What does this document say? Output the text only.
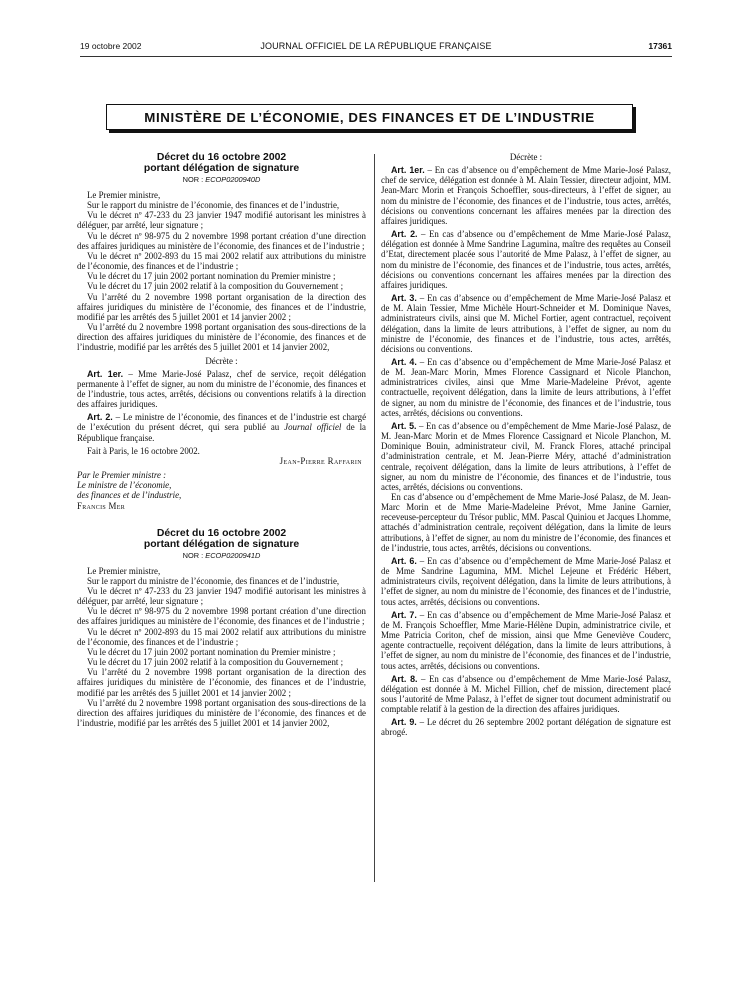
19 octobre 2002	JOURNAL OFFICIEL DE LA RÉPUBLIQUE FRANÇAISE	17361
MINISTÈRE DE L’ÉCONOMIE, DES FINANCES ET DE L’INDUSTRIE
Décret du 16 octobre 2002
portant délégation de signature
NOR : ECOP0200940D

Le Premier ministre,

Sur le rapport du ministre de l’économie, des finances et de l’industrie,

Vu le décret nº 47-233 du 23 janvier 1947 modifié autorisant les ministres à déléguer, par arrêté, leur signature ;

Vu le décret nº 98-975 du 2 novembre 1998 portant création d’une direction des affaires juridiques au ministère de l’économie, des finances et de l’industrie ;

Vu le décret nº 2002-893 du 15 mai 2002 relatif aux attributions du ministre de l’économie, des finances et de l’industrie ;

Vu le décret du 17 juin 2002 portant nomination du Premier ministre ;

Vu le décret du 17 juin 2002 relatif à la composition du Gouvernement ;

Vu l’arrêté du 2 novembre 1998 portant organisation de la direction des affaires juridiques du ministère de l’économie, des finances et de l’industrie, modifié par les arrêtés des 5 juillet 2001 et 14 janvier 2002 ;

Vu l’arrêté du 2 novembre 1998 portant organisation des sous-directions de la direction des affaires juridiques du ministère de l’économie, des finances et de l’industrie, modifié par les arrêtés des 5 juillet 2001 et 14 janvier 2002,

Décrète :

Art. 1er. – Mme Marie-José Palasz, chef de service, reçoit délégation permanente à l’effet de signer, au nom du ministre de l’économie, des finances et de l’industrie, tous actes, arrêtés, décisions ou conventions relatifs à la direction des affaires juridiques.

Art. 2. – Le ministre de l’économie, des finances et de l’industrie est chargé de l’exécution du présent décret, qui sera publié au Journal officiel de la République française.

Fait à Paris, le 16 octobre 2002.

Jean-Pierre Raffarin

Par le Premier ministre :

Le ministre de l’économie,

des finances et de l’industrie,

Francis Mer

Décret du 16 octobre 2002
portant délégation de signature
NOR : ECOP0200941D

Le Premier ministre,

Sur le rapport du ministre de l’économie, des finances et de l’industrie,

Vu le décret nº 47-233 du 23 janvier 1947 modifié autorisant les ministres à déléguer, par arrêté, leur signature ;

Vu le décret nº 98-975 du 2 novembre 1998 portant création d’une direction des affaires juridiques au ministère de l’économie, des finances et de l’industrie ;

Vu le décret nº 2002-893 du 15 mai 2002 relatif aux attributions du ministre de l’économie, des finances et de l’industrie ;

Vu le décret du 17 juin 2002 portant nomination du Premier ministre ;

Vu le décret du 17 juin 2002 relatif à la composition du Gouvernement ;

Vu l’arrêté du 2 novembre 1998 portant organisation de la direction des affaires juridiques du ministère de l’économie, des finances et de l’industrie, modifié par les arrêtés des 5 juillet 2001 et 14 janvier 2002 ;

Vu l’arrêté du 2 novembre 1998 portant organisation des sous-directions de la direction des affaires juridiques du ministère de l’économie, des finances et de l’industrie, modifié par les arrêtés des 5 juillet 2001 et 14 janvier 2002,

Décrète :

Art. 1er. – En cas d’absence ou d’empêchement de Mme Marie-José Palasz, chef de service, délégation est donnée à M. Alain Tessier, directeur adjoint, MM. Jean-Marc Morin et François Schoeffler, sous-directeurs, à l’effet de signer, au nom du ministre de l’économie, des finances et de l’industrie, tous actes, arrêtés, décisions ou conventions concernant les affaires menées par la direction des affaires juridiques.

Art. 2. – En cas d’absence ou d’empêchement de Mme Marie-José Palasz, délégation est donnée à Mme Sandrine Lagumina, maître des requêtes au Conseil d’Etat, directement placée sous l’autorité de Mme Palasz, à l’effet de signer, au nom du ministre de l’économie, des finances et de l’industrie, tous actes, arrêtés, décisions ou conventions concernant les affaires menées par la direction des affaires juridiques.

Art. 3. – En cas d’absence ou d’empêchement de Mme Marie-José Palasz et de M. Alain Tessier, Mme Michèle Hourt-Schneider et M. Dominique Naves, administrateurs civils, ainsi que M. Michel Fortier, agent contractuel, reçoivent délégation, dans la limite de leurs attributions, à l’effet de signer, au nom du ministre de l’économie, des finances et de l’industrie, tous actes, arrêtés, décisions ou conventions.

Art. 4. – En cas d’absence ou d’empêchement de Mme Marie-José Palasz et de M. Jean-Marc Morin, Mmes Florence Cassignard et Nicole Planchon, administratrices civiles, ainsi que Mme Marie-Madeleine Prévot, agente contractuelle, reçoivent délégation, dans la limite de leurs attributions, à l’effet de signer, au nom du ministre de l’économie, des finances et de l’industrie, tous actes, arrêtés, décisions ou conventions.

Art. 5. – En cas d’absence ou d’empêchement de Mme Marie-José Palasz, de M. Jean-Marc Morin et de Mmes Florence Cassignard et Nicole Planchon, M. Dominique Bouin, administrateur civil, M. Franck Flores, attaché principal d’administration centrale, et M. Jean-Pierre Méry, attaché d’administration centrale, reçoivent délégation, dans la limite de leurs attributions, à l’effet de signer, au nom du ministre de l’économie, des finances et de l’industrie, tous actes, arrêtés, décisions ou conventions.

En cas d’absence ou d’empêchement de Mme Marie-José Palasz, de M. Jean-Marc Morin et de Mme Marie-Madeleine Prévot, Mme Janine Garnier, receveuse-percepteur du Trésor public, MM. Pascal Quiniou et Jacques Lhomme, attachés d’administration centrale, reçoivent délégation, dans la limite de leurs attributions, à l’effet de signer, au nom du ministre de l’économie, des finances et de l’industrie, tous actes, arrêtés, décisions ou conventions.

Art. 6. – En cas d’absence ou d’empêchement de Mme Marie-José Palasz et de Mme Sandrine Lagumina, MM. Michel Lejeune et Frédéric Hébert, administrateurs civils, reçoivent délégation, dans la limite de leurs attributions, à l’effet de signer, au nom du ministre de l’économie, des finances et de l’industrie, tous actes, arrêtés, décisions ou conventions.

Art. 7. – En cas d’absence ou d’empêchement de Mme Marie-José Palasz et de M. François Schoeffler, Mme Marie-Hélène Dupin, administratrice civile, et Mme Patricia Coriton, chef de mission, ainsi que Mme Geneviève Couderc, agente contractuelle, reçoivent délégation, dans la limite de leurs attributions, à l’effet de signer, au nom du ministre de l’économie, des finances et de l’industrie, tous actes, arrêtés, décisions ou conventions.

Art. 8. – En cas d’absence ou d’empêchement de Mme Marie-José Palasz, délégation est donnée à M. Michel Fillion, chef de mission, directement placé sous l’autorité de Mme Palasz, à l’effet de signer tout document administratif ou comptable relatif à la gestion de la direction des affaires juridiques.

Art. 9. – Le décret du 26 septembre 2002 portant délégation de signature est abrogé.
